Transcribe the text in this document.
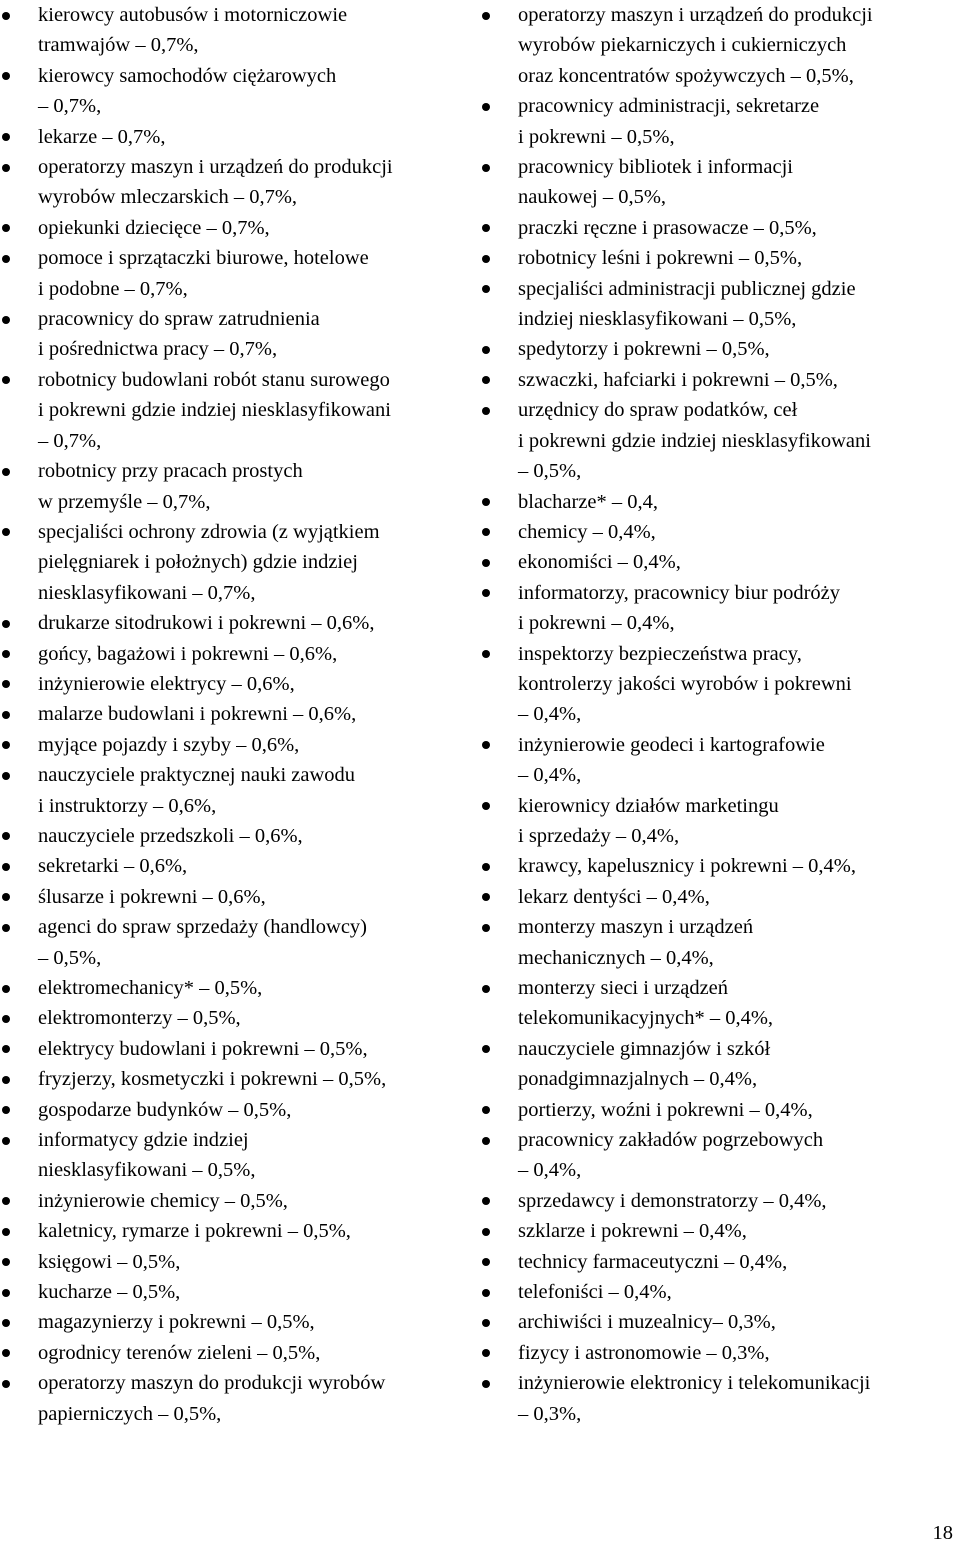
kierowcy autobusów i motorniczowie
tramwajów – 0,7%,
kierowcy samochodów ciężarowych
– 0,7%,
lekarze – 0,7%,
operatorzy maszyn i urządzeń do produkcji
wyrobów mleczarskich – 0,7%,
opiekunki dziecięce – 0,7%,
pomoce i sprzątaczki biurowe, hotelowe
i podobne – 0,7%,
pracownicy do spraw zatrudnienia
i pośrednictwa pracy – 0,7%,
robotnicy budowlani robót stanu surowego
i pokrewni gdzie indziej niesklasyfikowani
– 0,7%,
robotnicy przy pracach prostych
w przemyśle – 0,7%,
specjaliści ochrony zdrowia (z wyjątkiem
pielęgniarek i położnych) gdzie indziej
niesklasyfikowani – 0,7%,
drukarze sitodrukowi i pokrewni – 0,6%,
gońcy, bagażowi i pokrewni – 0,6%,
inżynierowie elektrycy – 0,6%,
malarze budowlani i pokrewni – 0,6%,
myjące pojazdy i szyby – 0,6%,
nauczyciele praktycznej nauki zawodu
i instruktorzy – 0,6%,
nauczyciele przedszkoli – 0,6%,
sekretarki – 0,6%,
ślusarze i pokrewni – 0,6%,
agenci do spraw sprzedaży (handlowcy)
– 0,5%,
elektromechanicy* – 0,5%,
elektromonterzy – 0,5%,
elektrycy budowlani i pokrewni – 0,5%,
fryzjerzy, kosmetyczki i pokrewni – 0,5%,
gospodarze budynków – 0,5%,
informatycy gdzie indziej
niesklasyfikowani – 0,5%,
inżynierowie chemicy – 0,5%,
kaletnicy, rymarze i pokrewni – 0,5%,
księgowi – 0,5%,
kucharze – 0,5%,
magazynierzy i pokrewni – 0,5%,
ogrodnicy terenów zieleni – 0,5%,
operatorzy maszyn do produkcji wyrobów
papierniczych – 0,5%,
operatorzy maszyn i urządzeń do produkcji
wyrobów piekarniczych i cukierniczych
oraz koncentratów spożywczych – 0,5%,
pracownicy administracji, sekretarze
i pokrewni – 0,5%,
pracownicy bibliotek i informacji
naukowej – 0,5%,
praczki ręczne i prasowacze – 0,5%,
robotnicy leśni i pokrewni – 0,5%,
specjaliści administracji publicznej gdzie
indziej niesklasyfikowani – 0,5%,
spedytorzy i pokrewni – 0,5%,
szwaczki, hafciarki i pokrewni – 0,5%,
urzędnicy do spraw podatków, ceł
i pokrewni gdzie indziej niesklasyfikowani
– 0,5%,
blacharze* – 0,4,
chemicy – 0,4%,
ekonomiści – 0,4%,
informatorzy, pracownicy biur podróży
i pokrewni – 0,4%,
inspektorzy bezpieczeństwa pracy,
kontrolerzy jakości wyrobów i pokrewni
– 0,4%,
inżynierowie geodeci i kartografowie
– 0,4%,
kierownicy działów marketingu
i sprzedaży – 0,4%,
krawcy, kapelusznicy i pokrewni – 0,4%,
lekarz dentyści – 0,4%,
monterzy maszyn i urządzeń
mechanicznych – 0,4%,
monterzy sieci i urządzeń
telekomunikacyjnych* – 0,4%,
nauczyciele gimnazjów i szkół
ponadgimnazjalnych – 0,4%,
portierzy, woźni i pokrewni – 0,4%,
pracownicy zakładów pogrzebowych
– 0,4%,
sprzedawcy i demonstratorzy – 0,4%,
szklarze i pokrewni – 0,4%,
technicy farmaceutyczni – 0,4%,
telefoniści – 0,4%,
archiwiści i muzealnicy– 0,3%,
fizycy i astronomowie – 0,3%,
inżynierowie elektronicy i telekomunikacji
– 0,3%,
18
